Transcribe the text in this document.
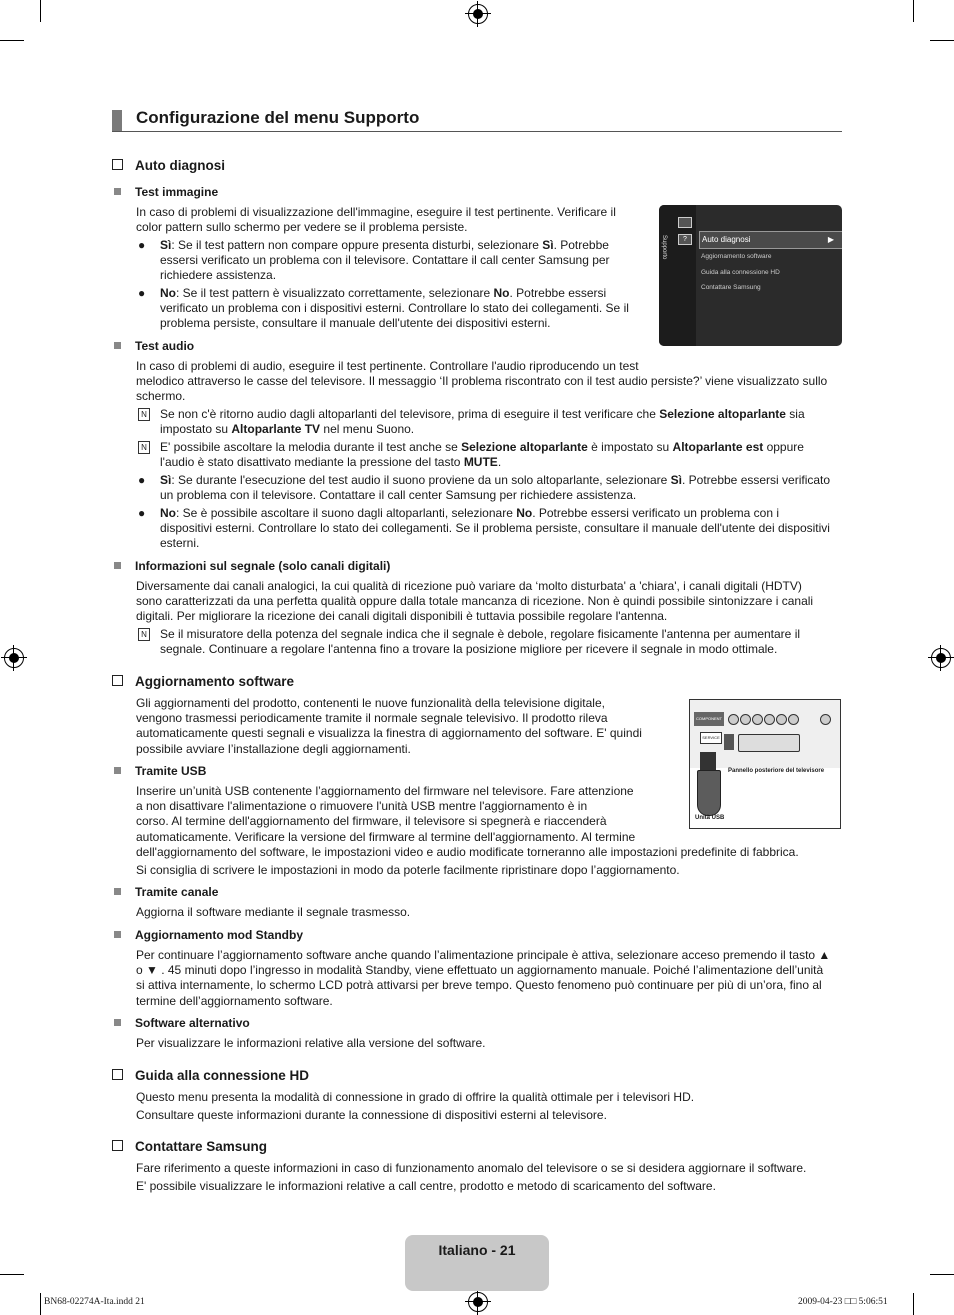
Configurazione del menu Supporto
Auto diagnosi
Test immagine
In caso di problemi di visualizzazione dell'immagine, eseguire il test pertinente. Verificare il
color pattern sullo schermo per vedere se il problema persiste.
● Sì: Se il test pattern non compare oppure presenta disturbi, selezionare Sì. Potrebbe
essersi verificato un problema con il televisore. Contattare il call center Samsung per
richiedere assistenza.
● No: Se il test pattern è visualizzato correttamente, selezionare No. Potrebbe essersi
verificato un problema con i dispositivi esterni. Controllare lo stato dei collegamenti. Se il
problema persiste, consultare il manuale dell'utente dei dispositivi esterni.
?
Supporto	Auto diagnosi	▶
Aggiornamento software
Guida alla connessione HD
Contattare Samsung
Test audio
In caso di problemi di audio, eseguire il test pertinente. Controllare l'audio riproducendo un test
melodico attraverso le casse del televisore. Il messaggio ‘Il problema riscontrato con il test audio persiste?’ viene visualizzato sullo
schermo.
N Se non c'è ritorno audio dagli altoparlanti del televisore, prima di eseguire il test verificare che Selezione altoparlante sia
impostato su Altoparlante TV nel menu Suono.
N E' possibile ascoltare la melodia durante il test anche se Selezione altoparlante è impostato su Altoparlante est oppure
l'audio è stato disattivato mediante la pressione del tasto MUTE.
● Sì: Se durante l'esecuzione del test audio il suono proviene da un solo altoparlante, selezionare Sì. Potrebbe essersi verificato
un problema con il televisore. Contattare il call center Samsung per richiedere assistenza.
● No: Se è possibile ascoltare il suono dagli altoparlanti, selezionare No. Potrebbe essersi verificato un problema con i
dispositivi esterni. Controllare lo stato dei collegamenti. Se il problema persiste, consultare il manuale dell'utente dei dispositivi
esterni.
Informazioni sul segnale (solo canali digitali)
Diversamente dai canali analogici, la cui qualità di ricezione può variare da ‘molto disturbata' a 'chiara', i canali digitali (HDTV)
sono caratterizzati da una perfetta qualità oppure dalla totale mancanza di ricezione. Non è quindi possibile sintonizzare i canali
digitali. Per migliorare la ricezione dei canali digitali disponibili è tuttavia possibile regolare l'antenna.
N Se il misuratore della potenza del segnale indica che il segnale è debole, regolare fisicamente l'antenna per aumentare il
segnale. Continuare a regolare l'antenna fino a trovare la posizione migliore per ricevere il segnale in modo ottimale.
Aggiornamento software
Gli aggiornamenti del prodotto, contenenti le nuove funzionalità della televisione digitale,
vengono trasmessi periodicamente tramite il normale segnale televisivo. Il prodotto rileva
automaticamente questi segnali e visualizza la finestra di aggiornamento del software. E' quindi
possibile avviare l’installazione degli aggiornamenti.
COMPONENT
SERVICE
Pannello posteriore del televisore
Unità USB
Tramite USB
Inserire un’unità USB contenente l’aggiornamento del firmware nel televisore. Fare attenzione
a non disattivare l'alimentazione o rimuovere l'unità USB mentre l'aggiornamento è in
corso. Al termine dell'aggiornamento del firmware, il televisore si spegnerà e riaccenderà
automaticamente. Verificare la versione del firmware al termine dell'aggiornamento. Al termine
dell'aggiornamento del software, le impostazioni video e audio modificate torneranno alle impostazioni predefinite di fabbrica.
Si consiglia di scrivere le impostazioni in modo da poterle facilmente ripristinare dopo l’aggiornamento.
Tramite canale
Aggiorna il software mediante il segnale trasmesso.
Aggiornamento mod Standby
Per continuare l’aggiornamento software anche quando l’alimentazione principale è attiva, selezionare acceso premendo il tasto ▲
o ▼ . 45 minuti dopo l’ingresso in modalità Standby, viene effettuato un aggiornamento manuale. Poiché l’alimentazione dell’unità
si attiva internamente, lo schermo LCD potrà attivarsi per breve tempo. Questo fenomeno può continuare per più di un’ora, fino al
termine dell’aggiornamento software.
Software alternativo
Per visualizzare le informazioni relative alla versione del software.
Guida alla connessione HD
Questo menu presenta la modalità di connessione in grado di offrire la qualità ottimale per i televisori HD.
Consultare queste informazioni durante la connessione di dispositivi esterni al televisore.
Contattare Samsung
Fare riferimento a queste informazioni in caso di funzionamento anomalo del televisore o se si desidera aggiornare il software.
E' possibile visualizzare le informazioni relative a call centre, prodotto e metodo di scaricamento del software.
Italiano - 21
BN68-02274A-Ita.indd 21	2009-04-23 □□ 5:06:51
